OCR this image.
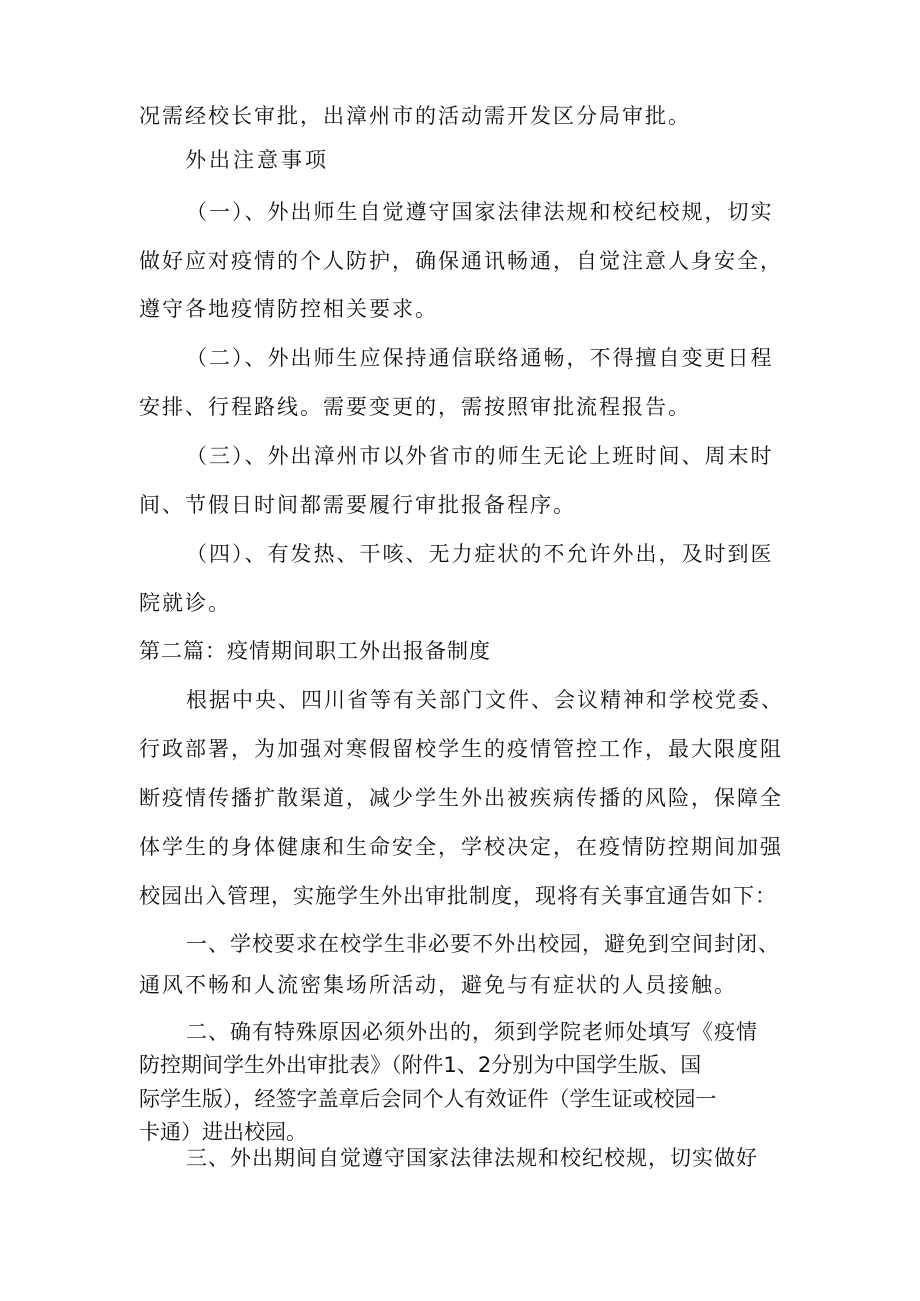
况需经校长审批，出漳州市的活动需开发区分局审批。
外出注意事项
（一）、外出师生自觉遵守国家法律法规和校纪校规，切实
做好应对疫情的个人防护，确保通讯畅通，自觉注意人身安全，
遵守各地疫情防控相关要求。
（二）、外出师生应保持通信联络通畅，不得擅自变更日程
安排、行程路线。需要变更的，需按照审批流程报告。
（三）、外出漳州市以外省市的师生无论上班时间、周末时
间、节假日时间都需要履行审批报备程序。
（四）、有发热、干咳、无力症状的不允许外出，及时到医
院就诊。
第二篇：疫情期间职工外出报备制度
根据中央、四川省等有关部门文件、会议精神和学校党委、
行政部署，为加强对寒假留校学生的疫情管控工作，最大限度阻
断疫情传播扩散渠道，减少学生外出被疾病传播的风险，保障全
体学生的身体健康和生命安全，学校决定，在疫情防控期间加强
校园出入管理，实施学生外出审批制度，现将有关事宜通告如下：
一、学校要求在校学生非必要不外出校园，避免到空间封闭、
通风不畅和人流密集场所活动，避免与有症状的人员接触。
二、确有特殊原因必须外出的，须到学院老师处填写《疫情
防控期间学生外出审批表》（附件1、2分别为中国学生版、国
际学生版），经签字盖章后会同个人有效证件（学生证或校园一
卡通）进出校园。
三、外出期间自觉遵守国家法律法规和校纪校规，切实做好
